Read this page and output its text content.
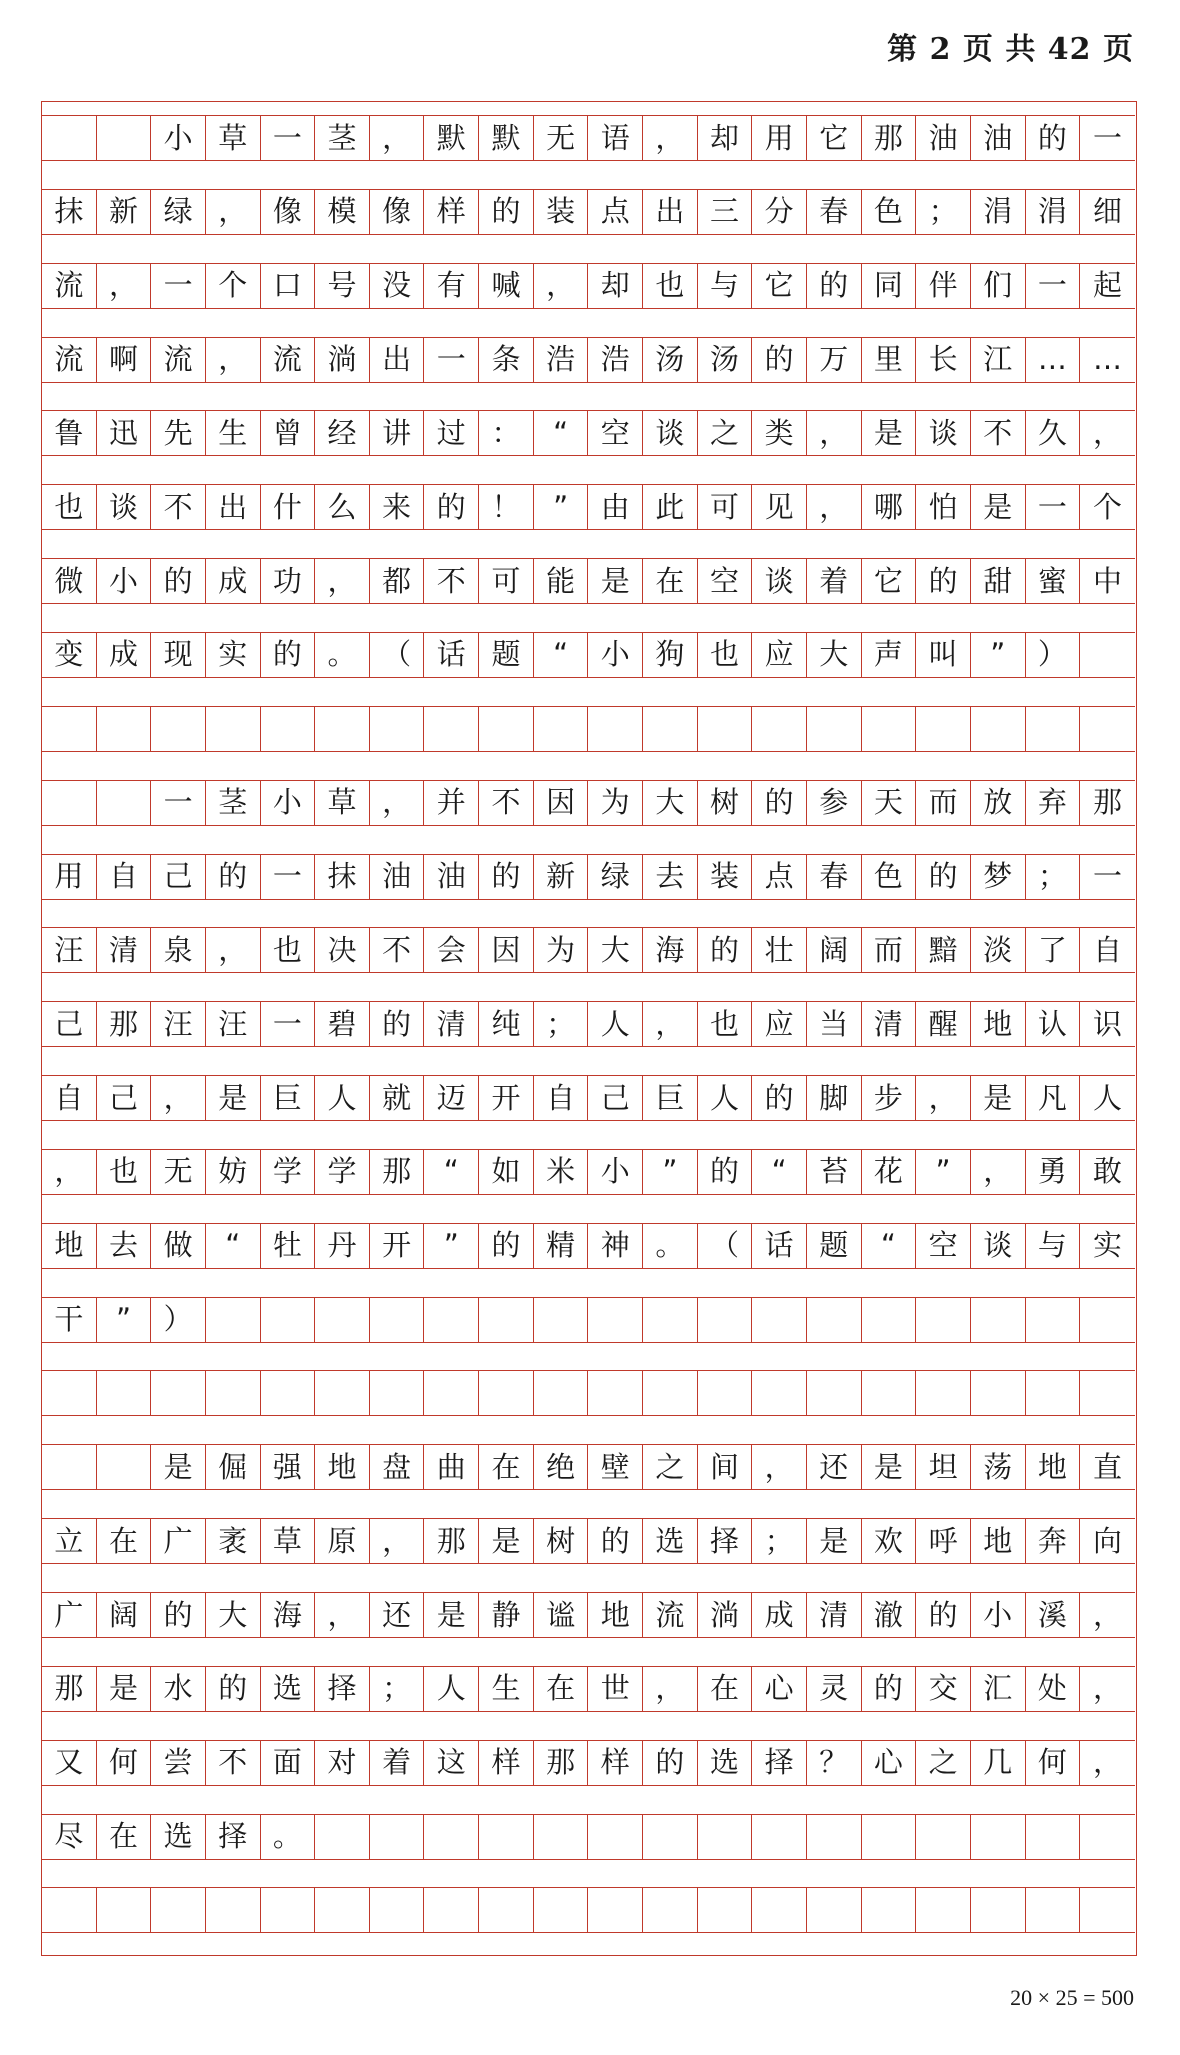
第 2 页 共 42 页
小 草 一 茎 ， 默 默 无 语 ， 却 用 它 那 油 油 的 一
抹 新 绿 ， 像 模 像 样 的 装 点 出 三 分 春 色 ； 涓 涓 细
流 ， 一 个 口 号 没 有 喊 ， 却 也 与 它 的 同 伴 们 一 起
流 啊 流 ， 流 淌 出 一 条 浩 浩 汤 汤 的 万 里 长 江 … …
鲁 迅 先 生 曾 经 讲 过 ：	“	空 谈 之 类 ， 是 谈 不 久 ，
也 谈 不 出 什 么 来 的 ！	”	由 此 可 见 ， 哪 怕 是 一 个
微 小 的 成 功 ， 都 不 可 能 是 在 空 谈 着 它 的 甜 蜜 中
变 成 现 实 的 。 （ 话 题	“	小 狗 也 应 大 声 叫	”	）
一 茎 小 草 ， 并 不 因 为 大 树 的 参 天 而 放 弃 那
用 自 己 的 一 抹 油 油 的 新 绿 去 装 点 春 色 的 梦 ； 一
汪 清 泉 ， 也 决 不 会 因 为 大 海 的 壮 阔 而 黯 淡 了 自
己 那 汪 汪 一 碧 的 清 纯 ； 人 ， 也 应 当 清 醒 地 认 识
自 己 ， 是 巨 人 就 迈 开 自 己 巨 人 的 脚 步 ， 是 凡 人
， 也 无 妨 学 学 那	“	如 米 小	”	的	“	苔 花	”	， 勇 敢
地 去 做	“	牡 丹 开	”	的 精 神 。 （ 话 题	“	空 谈 与 实
干	”	）
是 倔 强 地 盘 曲 在 绝 壁 之 间 ， 还 是 坦 荡 地 直
立 在 广 袤 草 原 ， 那 是 树 的 选 择 ； 是 欢 呼 地 奔 向
广 阔 的 大 海 ， 还 是 静 谧 地 流 淌 成 清 澈 的 小 溪 ，
那 是 水 的 选 择 ； 人 生 在 世 ， 在 心 灵 的 交 汇 处 ，
又 何 尝 不 面 对 着 这 样 那 样 的 选 择 ？ 心 之 几 何 ，
尽 在 选 择 。
20 × 25 = 500
